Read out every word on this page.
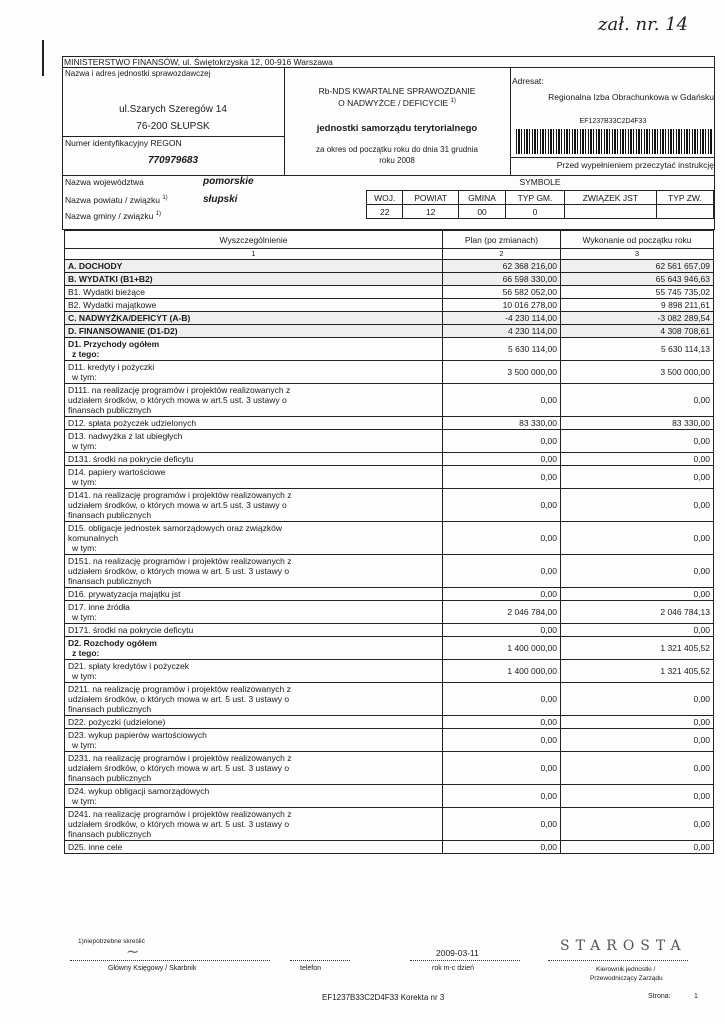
zał. nr. 14
MINISTERSTWO FINANSÓW, ul. Świętokrzyska 12, 00-916 Warszawa
Nazwa i adres jednostki sprawozdawczej
ul.Szarych Szeregów 14
76-200 SŁUPSK
Numer identyfikacyjny REGON
770979683
Rb-NDS KWARTALNE SPRAWOZDANIE
O NADWYŻCE / DEFICYCIE $^{1)}$
jednostki samorządu terytorialnego
za okres od początku roku do dnia 31 grudnia
roku 2008
Adresat:
Regionalna Izba Obrachunkowa w Gdańsku
EF1237B33C2D4F33
Przed wypełnieniem przeczytać instrukcję
Nazwa województwa	pomorskie
Nazwa powiatu / związku $^{1)}$	słupski
Nazwa gminy / związku $^{1)}$
SYMBOLE
WOJ.	POWIAT	GMINA	TYP GM.	ZWIĄZEK JST	TYP ZW.
22	12	00	0		
Wyszczególnienie	Plan (po zmianach)	Wykonanie od początku roku
1	2	3

A. DOCHODY	62 368 216,00	62 561 657,09

B. WYDATKI (B1+B2)	66 598 330,00	65 643 946,63

B1. Wydatki bieżące	56 582 052,00	55 745 735,02

B2. Wydatki majątkowe	10 016 278,00	9 898 211,61

C. NADWYŻKA/DEFICYT (A-B)	-4 230 114,00	-3 082 289,54

D. FINANSOWANIE (D1-D2)	4 230 114,00	4 308 708,61

D1. Przychody ogółem
z tego:	5 630 114,00	5 630 114,13

D11. kredyty i pożyczki
w tym:	3 500 000,00	3 500 000,00

D111. na realizację programów i projektów realizowanych z
udziałem środków, o których mowa w art.5 ust. 3 ustawy o
finansach publicznych	0,00	0,00

D12. spłata pożyczek udzielonych	83 330,00	83 330,00

D13. nadwyżka z lat ubiegłych
w tym:	0,00	0,00

D131. środki na pokrycie deficytu	0,00	0,00

D14. papiery wartościowe
w tym:	0,00	0,00

D141. na realizację programów i projektów realizowanych z
udziałem środków, o których mowa w art.5 ust. 3 ustawy o
finansach publicznych	0,00	0,00

D15. obligacje jednostek samorządowych oraz związków
komunalnych
w tym:	0,00	0,00

D151. na realizację programów i projektów realizowanych z
udziałem środków, o których mowa w art. 5 ust. 3 ustawy o
finansach publicznych	0,00	0,00

D16. prywatyzacja majątku jst	0,00	0,00

D17. inne źródła
w tym:	2 046 784,00	2 046 784,13

D171. środki na pokrycie deficytu	0,00	0,00

D2. Rozchody ogółem
z tego:	1 400 000,00	1 321 405,52

D21. spłaty kredytów i pożyczek
w tym:	1 400 000,00	1 321 405,52

D211. na realizację programów i projektów realizowanych z
udziałem środków, o których mowa w art. 5 ust. 3 ustawy o
finansach publicznych	0,00	0,00

D22. pożyczki (udzielone)	0,00	0,00

D23. wykup papierów wartościowych
w tym:	0,00	0,00

D231. na realizację programów i projektów realizowanych z
udziałem środków, o których mowa w art. 5 ust. 3 ustawy o
finansach publicznych	0,00	0,00

D24. wykup obligacji samorządowych
w tym:	0,00	0,00

D241. na realizację programów i projektów realizowanych z
udziałem środków, o których mowa w art. 5 ust. 3 ustawy o
finansach publicznych	0,00	0,00

D25. inne cele	0,00	0,00
1)niepotrzebne skreślić
~
Główny Księgowy / Skarbnik	telefon
2009-03-11
rok m-c dzień
STAROSTA
Kierownik jednostki /
Przewodniczący Zarządu
Strona:	1
EF1237B33C2D4F33 Korekta nr 3
